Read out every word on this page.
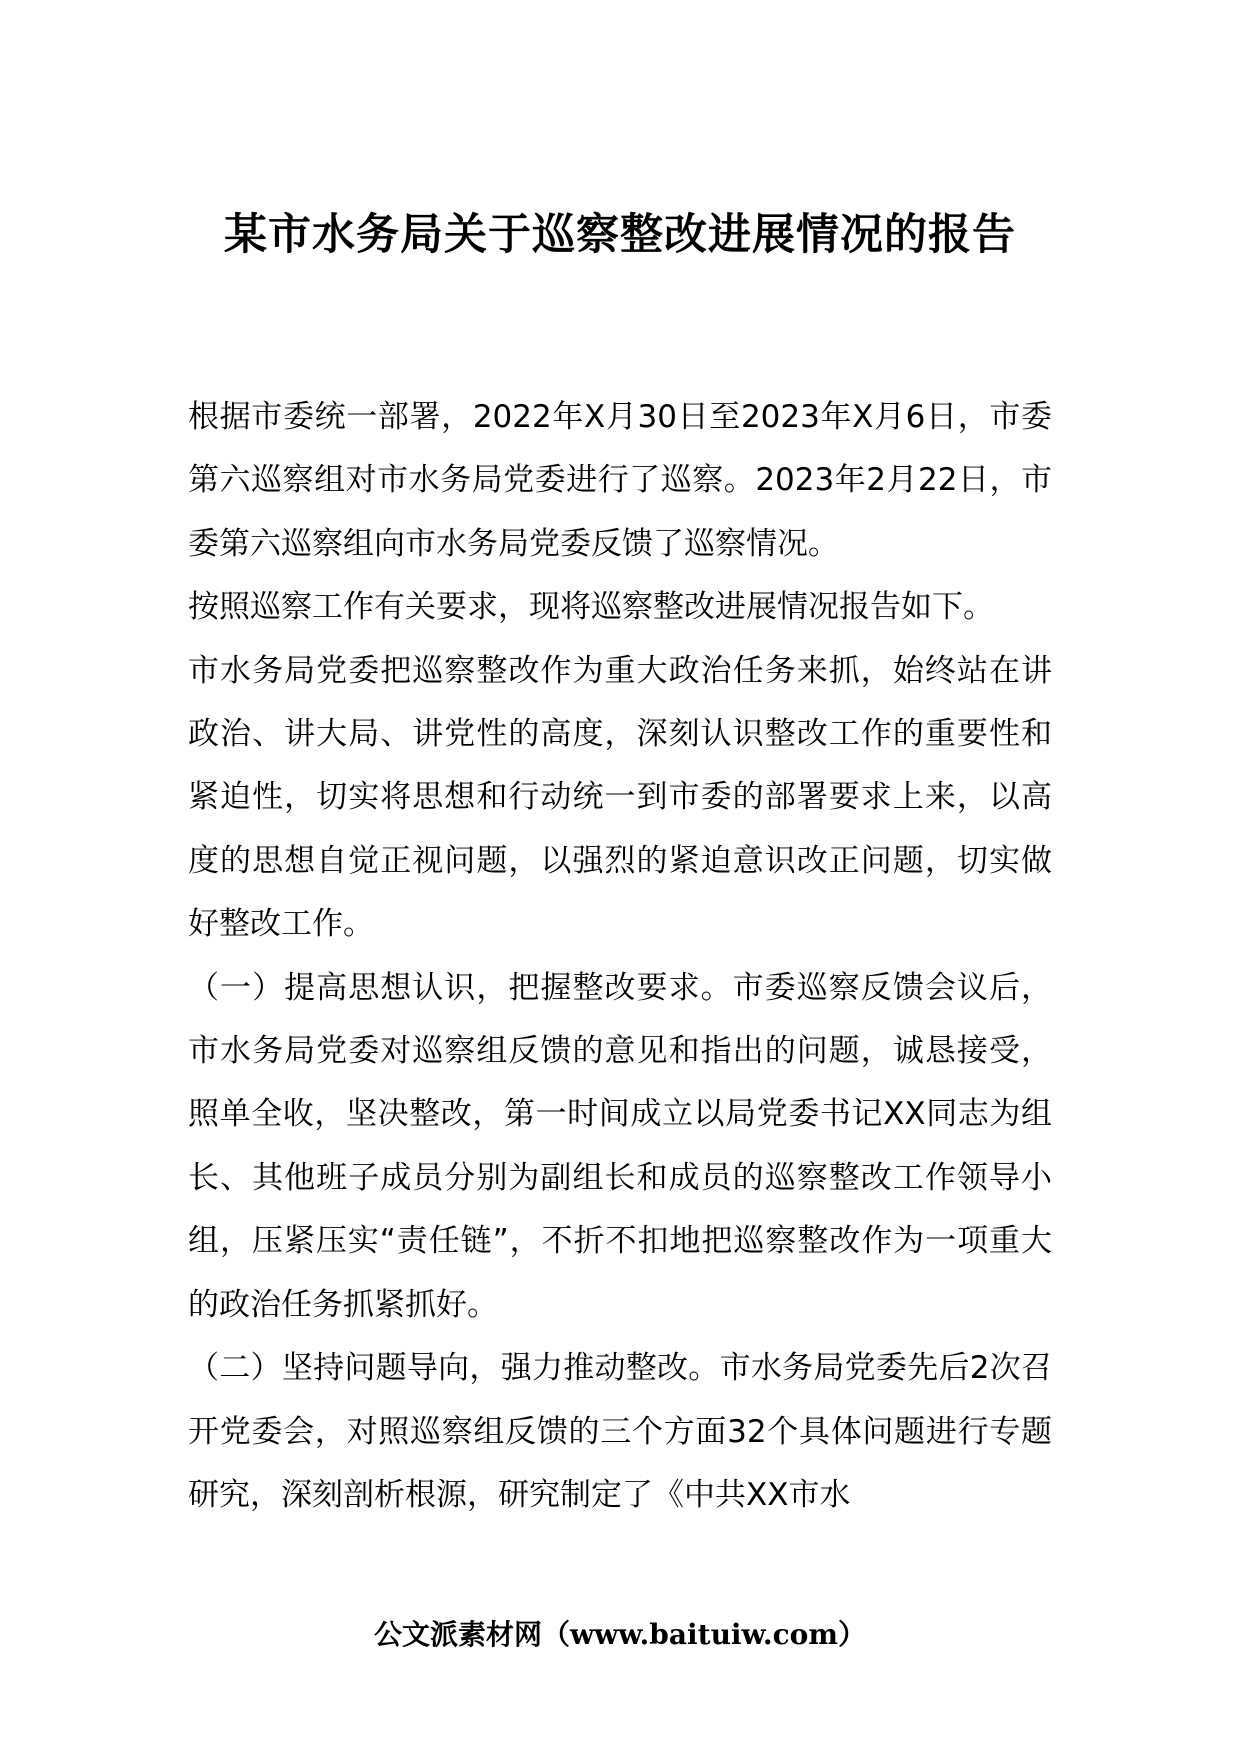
某市水务局关于巡察整改进展情况的报告

根据市委统一部署，2022年X月30日至2023年X月6日，市委第六巡察组对市水务局党委进行了巡察。2023年2月22日，市委第六巡察组向市水务局党委反馈了巡察情况。

按照巡察工作有关要求，现将巡察整改进展情况报告如下。

市水务局党委把巡察整改作为重大政治任务来抓，始终站在讲政治、讲大局、讲党性的高度，深刻认识整改工作的重要性和紧迫性，切实将思想和行动统一到市委的部署要求上来，以高度的思想自觉正视问题，以强烈的紧迫意识改正问题，切实做好整改工作。

（一）提高思想认识，把握整改要求。市委巡察反馈会议后，市水务局党委对巡察组反馈的意见和指出的问题，诚恳接受，照单全收，坚决整改，第一时间成立以局党委书记XX同志为组长、其他班子成员分别为副组长和成员的巡察整改工作领导小组，压紧压实“责任链”，不折不扣地把巡察整改作为一项重大的政治任务抓紧抓好。

（二）坚持问题导向，强力推动整改。市水务局党委先后2次召开党委会，对照巡察组反馈的三个方面32个具体问题进行专题研究，深刻剖析根源，研究制定了《中共XX市水

公文派素材网（www.baituiw.com）
